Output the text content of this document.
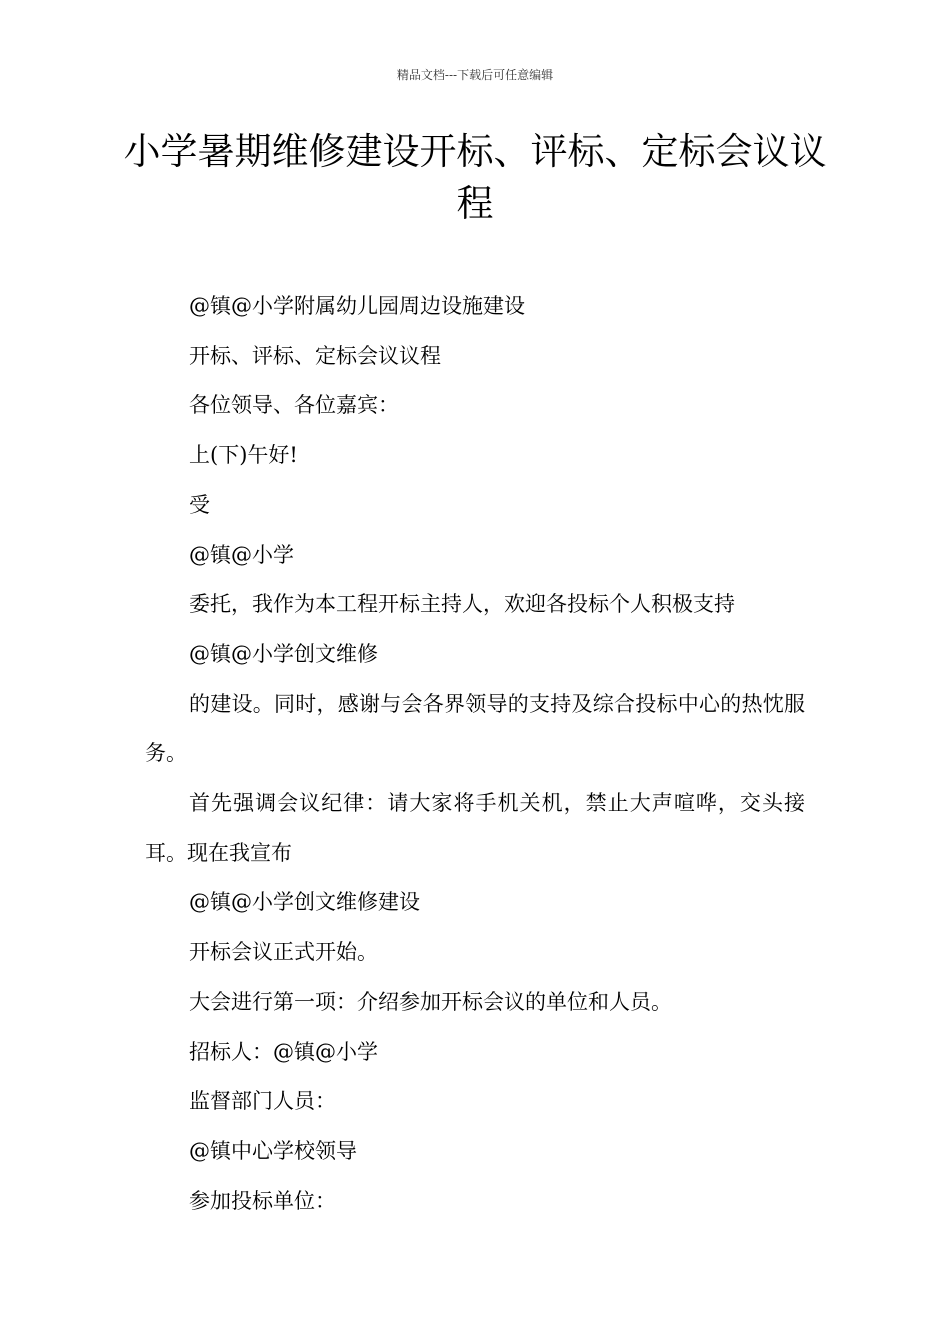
精品文档---下载后可任意编辑
小学暑期维修建设开标、评标、定标会议议程

@镇@小学附属幼儿园周边设施建设

开标、评标、定标会议议程

各位领导、各位嘉宾：

上(下)午好!

受

@镇@小学

委托，我作为本工程开标主持人，欢迎各投标个人积极支持

@镇@小学创文维修

的建设。同时，感谢与会各界领导的支持及综合投标中心的热忱服务。

首先强调会议纪律：请大家将手机关机，禁止大声喧哗，交头接耳。现在我宣布

@镇@小学创文维修建设

开标会议正式开始。

大会进行第一项：介绍参加开标会议的单位和人员。

招标人：@镇@小学

监督部门人员：

@镇中心学校领导

参加投标单位：
